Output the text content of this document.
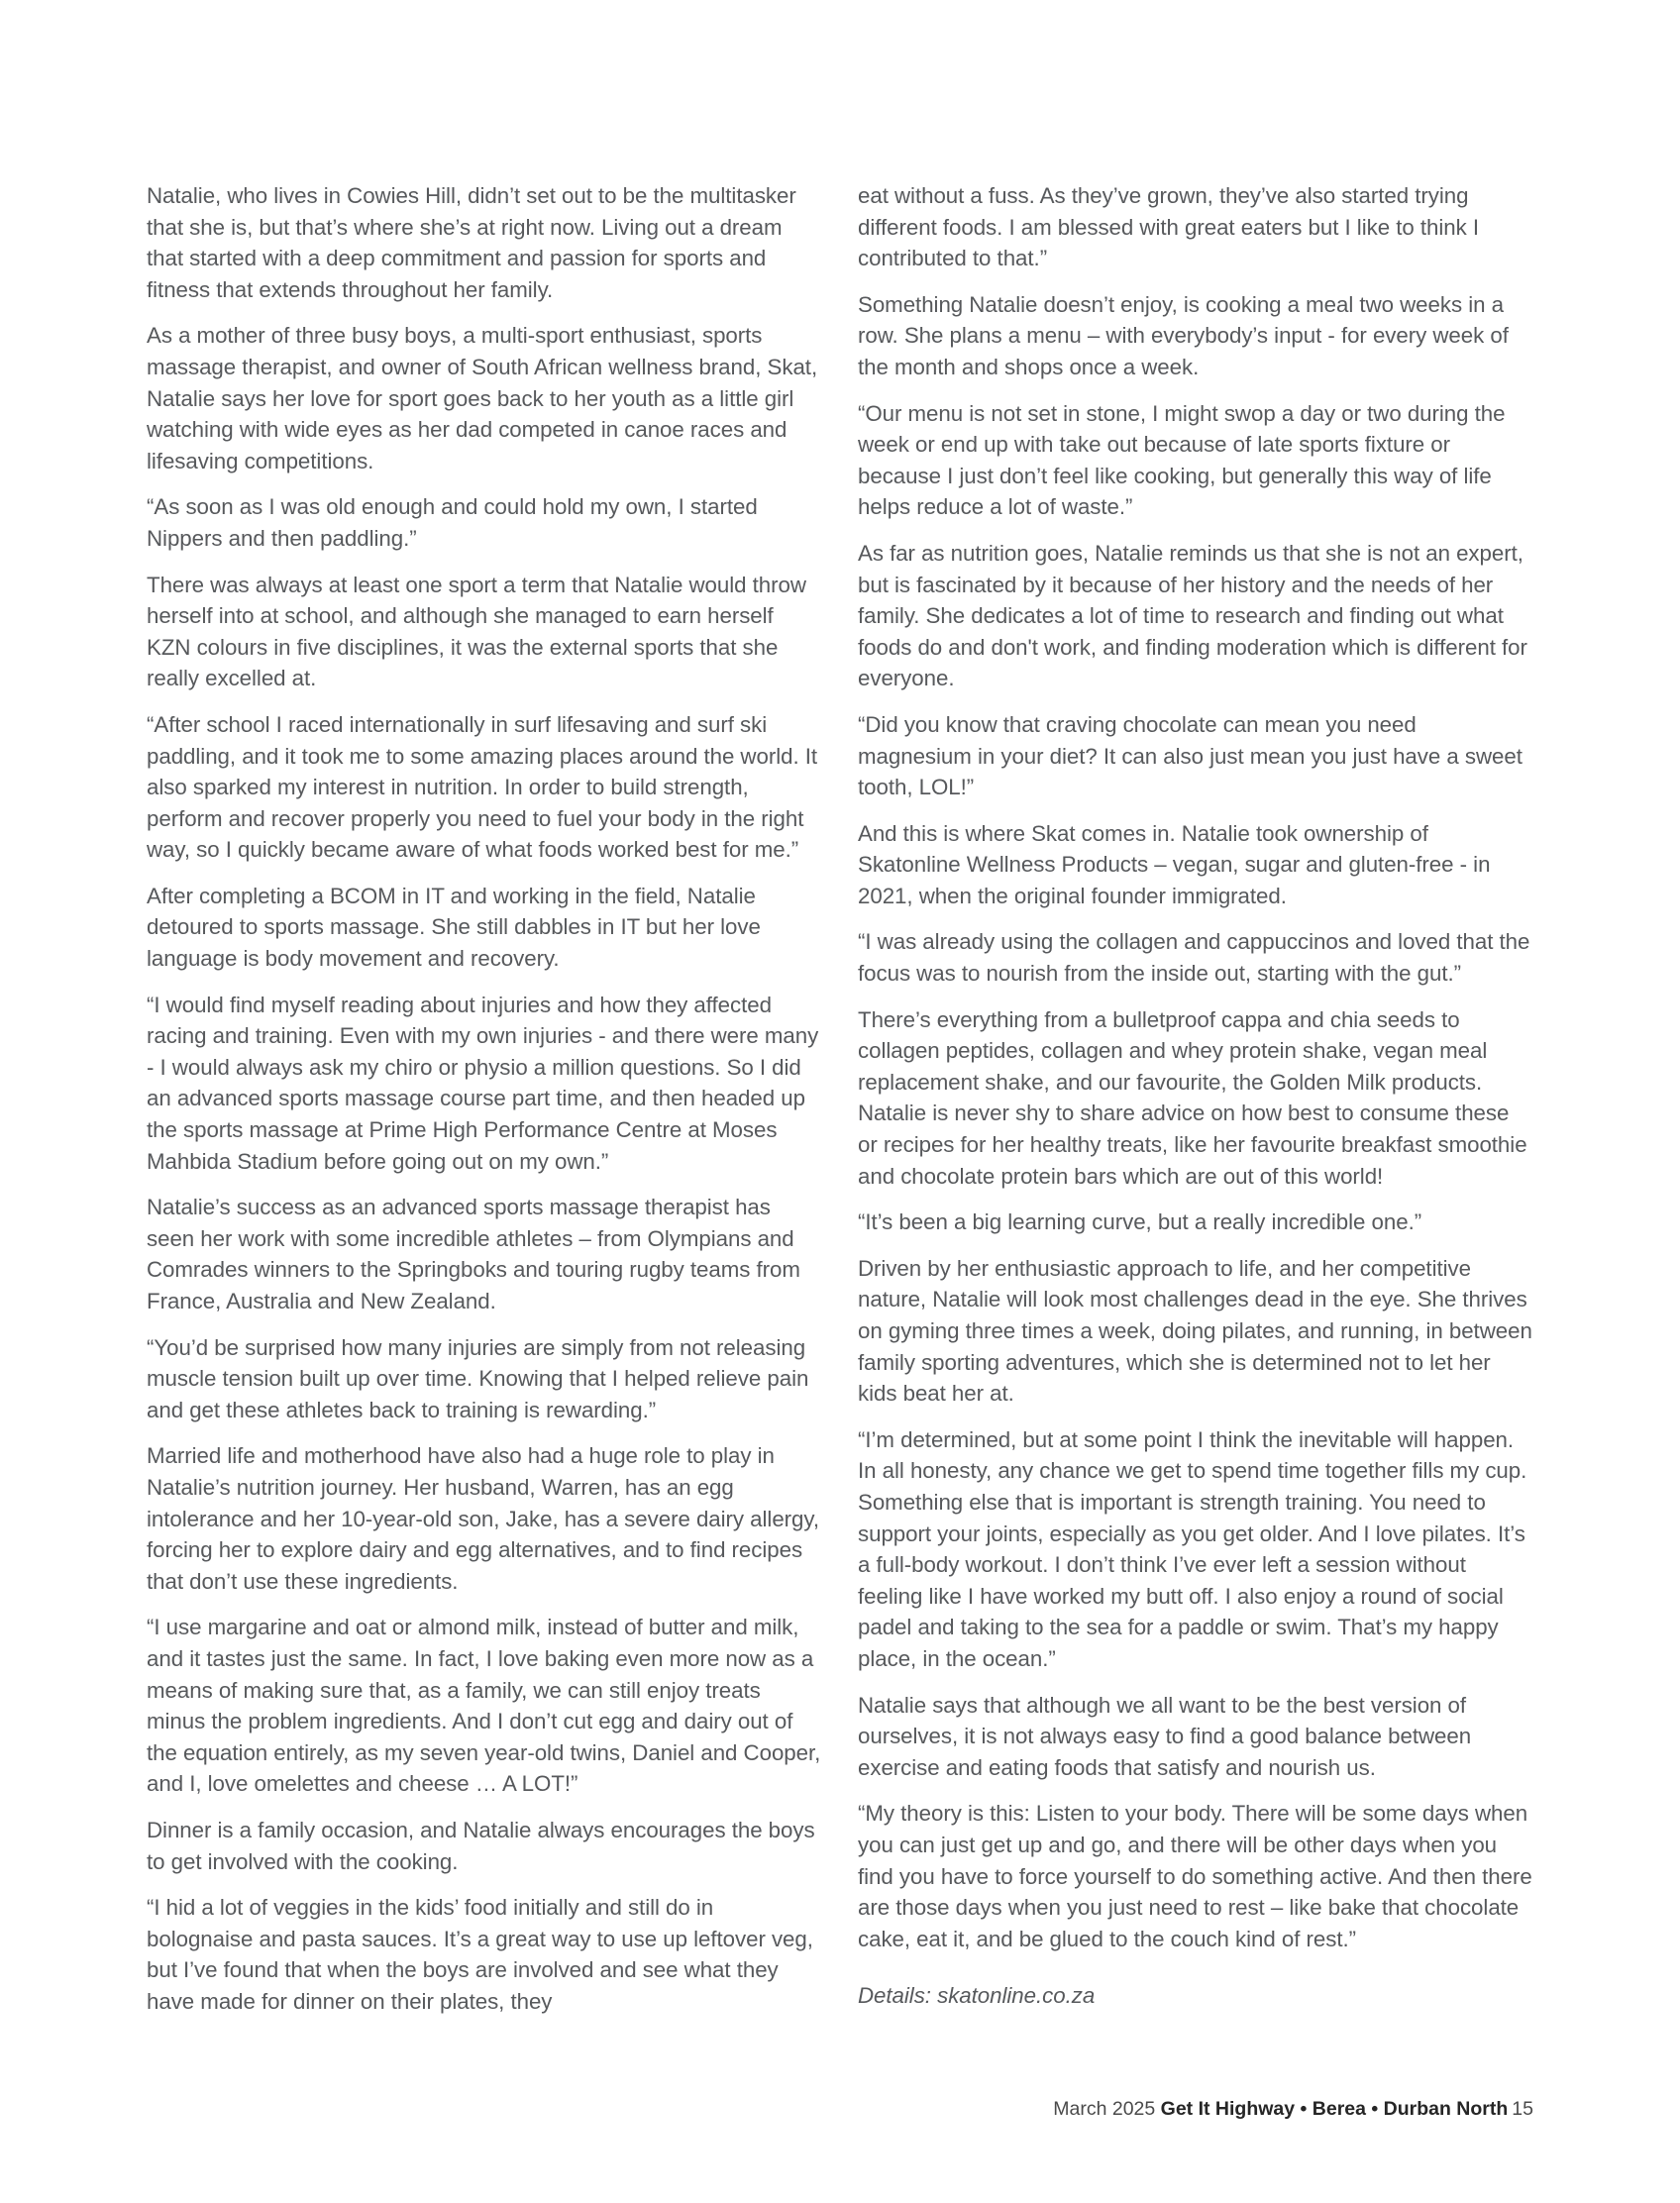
Natalie, who lives in Cowies Hill, didn’t set out to be the multitasker that she is, but that’s where she’s at right now. Living out a dream that started with a deep commitment and passion for sports and fitness that extends throughout her family.

As a mother of three busy boys, a multi-sport enthusiast, sports massage therapist, and owner of South African wellness brand, Skat, Natalie says her love for sport goes back to her youth as a little girl watching with wide eyes as her dad competed in canoe races and lifesaving competitions.

“As soon as I was old enough and could hold my own, I started Nippers and then paddling.”

There was always at least one sport a term that Natalie would throw herself into at school, and although she managed to earn herself KZN colours in five disciplines, it was the external sports that she really excelled at.

“After school I raced internationally in surf lifesaving and surf ski paddling, and it took me to some amazing places around the world. It also sparked my interest in nutrition. In order to build strength, perform and recover properly you need to fuel your body in the right way, so I quickly became aware of what foods worked best for me.”

After completing a BCOM in IT and working in the field, Natalie detoured to sports massage. She still dabbles in IT but her love language is body movement and recovery.

“I would find myself reading about injuries and how they affected racing and training. Even with my own injuries - and there were many - I would always ask my chiro or physio a million questions. So I did an advanced sports massage course part time, and then headed up the sports massage at Prime High Performance Centre at Moses Mahbida Stadium before going out on my own.”

Natalie’s success as an advanced sports massage therapist has seen her work with some incredible athletes – from Olympians and Comrades winners to the Springboks and touring rugby teams from France, Australia and New Zealand.

“You’d be surprised how many injuries are simply from not releasing muscle tension built up over time. Knowing that I helped relieve pain and get these athletes back to training is rewarding.”

Married life and motherhood have also had a huge role to play in Natalie’s nutrition journey. Her husband, Warren, has an egg intolerance and her 10-year-old son, Jake, has a severe dairy allergy, forcing her to explore dairy and egg alternatives, and to find recipes that don’t use these ingredients.

“I use margarine and oat or almond milk, instead of butter and milk, and it tastes just the same. In fact, I love baking even more now as a means of making sure that, as a family, we can still enjoy treats minus the problem ingredients. And I don’t cut egg and dairy out of the equation entirely, as my seven year-old twins, Daniel and Cooper, and I, love omelettes and cheese … A LOT!”

Dinner is a family occasion, and Natalie always encourages the boys to get involved with the cooking.

“I hid a lot of veggies in the kids’ food initially and still do in bolognaise and pasta sauces. It’s a great way to use up leftover veg, but I’ve found that when the boys are involved and see what they have made for dinner on their plates, they

eat without a fuss. As they’ve grown, they’ve also started trying different foods. I am blessed with great eaters but I like to think I contributed to that.”

Something Natalie doesn’t enjoy, is cooking a meal two weeks in a row. She plans a menu – with everybody’s input - for every week of the month and shops once a week.

“Our menu is not set in stone, I might swop a day or two during the week or end up with take out because of late sports fixture or because I just don’t feel like cooking, but generally this way of life helps reduce a lot of waste.”

As far as nutrition goes, Natalie reminds us that she is not an expert, but is fascinated by it because of her history and the needs of her family. She dedicates a lot of time to research and finding out what foods do and don't work, and finding moderation which is different for everyone.

“Did you know that craving chocolate can mean you need magnesium in your diet? It can also just mean you just have a sweet tooth, LOL!”

And this is where Skat comes in. Natalie took ownership of Skatonline Wellness Products – vegan, sugar and gluten-free - in 2021, when the original founder immigrated.

“I was already using the collagen and cappuccinos and loved that the focus was to nourish from the inside out, starting with the gut.”

There’s everything from a bulletproof cappa and chia seeds to collagen peptides, collagen and whey protein shake, vegan meal replacement shake, and our favourite, the Golden Milk products. Natalie is never shy to share advice on how best to consume these or recipes for her healthy treats, like her favourite breakfast smoothie and chocolate protein bars which are out of this world!

“It’s been a big learning curve, but a really incredible one.”

Driven by her enthusiastic approach to life, and her competitive nature, Natalie will look most challenges dead in the eye. She thrives on gyming three times a week, doing pilates, and running, in between family sporting adventures, which she is determined not to let her kids beat her at.

“I’m determined, but at some point I think the inevitable will happen. In all honesty, any chance we get to spend time together fills my cup. Something else that is important is strength training. You need to support your joints, especially as you get older. And I love pilates. It’s a full-body workout. I don’t think I’ve ever left a session without feeling like I have worked my butt off. I also enjoy a round of social padel and taking to the sea for a paddle or swim. That’s my happy place, in the ocean.”

Natalie says that although we all want to be the best version of ourselves, it is not always easy to find a good balance between exercise and eating foods that satisfy and nourish us.

“My theory is this: Listen to your body. There will be some days when you can just get up and go, and there will be other days when you find you have to force yourself to do something active. And then there are those days when you just need to rest – like bake that chocolate cake, eat it, and be glued to the couch kind of rest.”

Details: skatonline.co.za

March 2025 Get It Highway • Berea • Durban North 15
